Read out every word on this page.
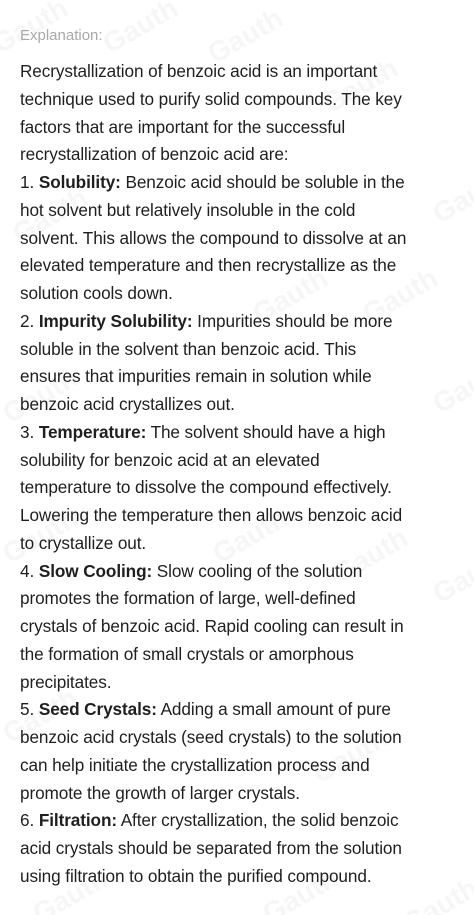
Explanation:

Recrystallization of benzoic acid is an important

technique used to purify solid compounds. The key

factors that are important for the successful

recrystallization of benzoic acid are:

1. Solubility: Benzoic acid should be soluble in the

hot solvent but relatively insoluble in the cold

solvent. This allows the compound to dissolve at an

elevated temperature and then recrystallize as the

solution cools down.

2. Impurity Solubility: Impurities should be more

soluble in the solvent than benzoic acid. This

ensures that impurities remain in solution while

benzoic acid crystallizes out.

3. Temperature: The solvent should have a high

solubility for benzoic acid at an elevated

temperature to dissolve the compound effectively.

Lowering the temperature then allows benzoic acid

to crystallize out.

4. Slow Cooling: Slow cooling of the solution

promotes the formation of large, well-defined

crystals of benzoic acid. Rapid cooling can result in

the formation of small crystals or amorphous

precipitates.

5. Seed Crystals: Adding a small amount of pure

benzoic acid crystals (seed crystals) to the solution

can help initiate the crystallization process and

promote the growth of larger crystals.

6. Filtration: After crystallization, the solid benzoic

acid crystals should be separated from the solution

using filtration to obtain the purified compound.
